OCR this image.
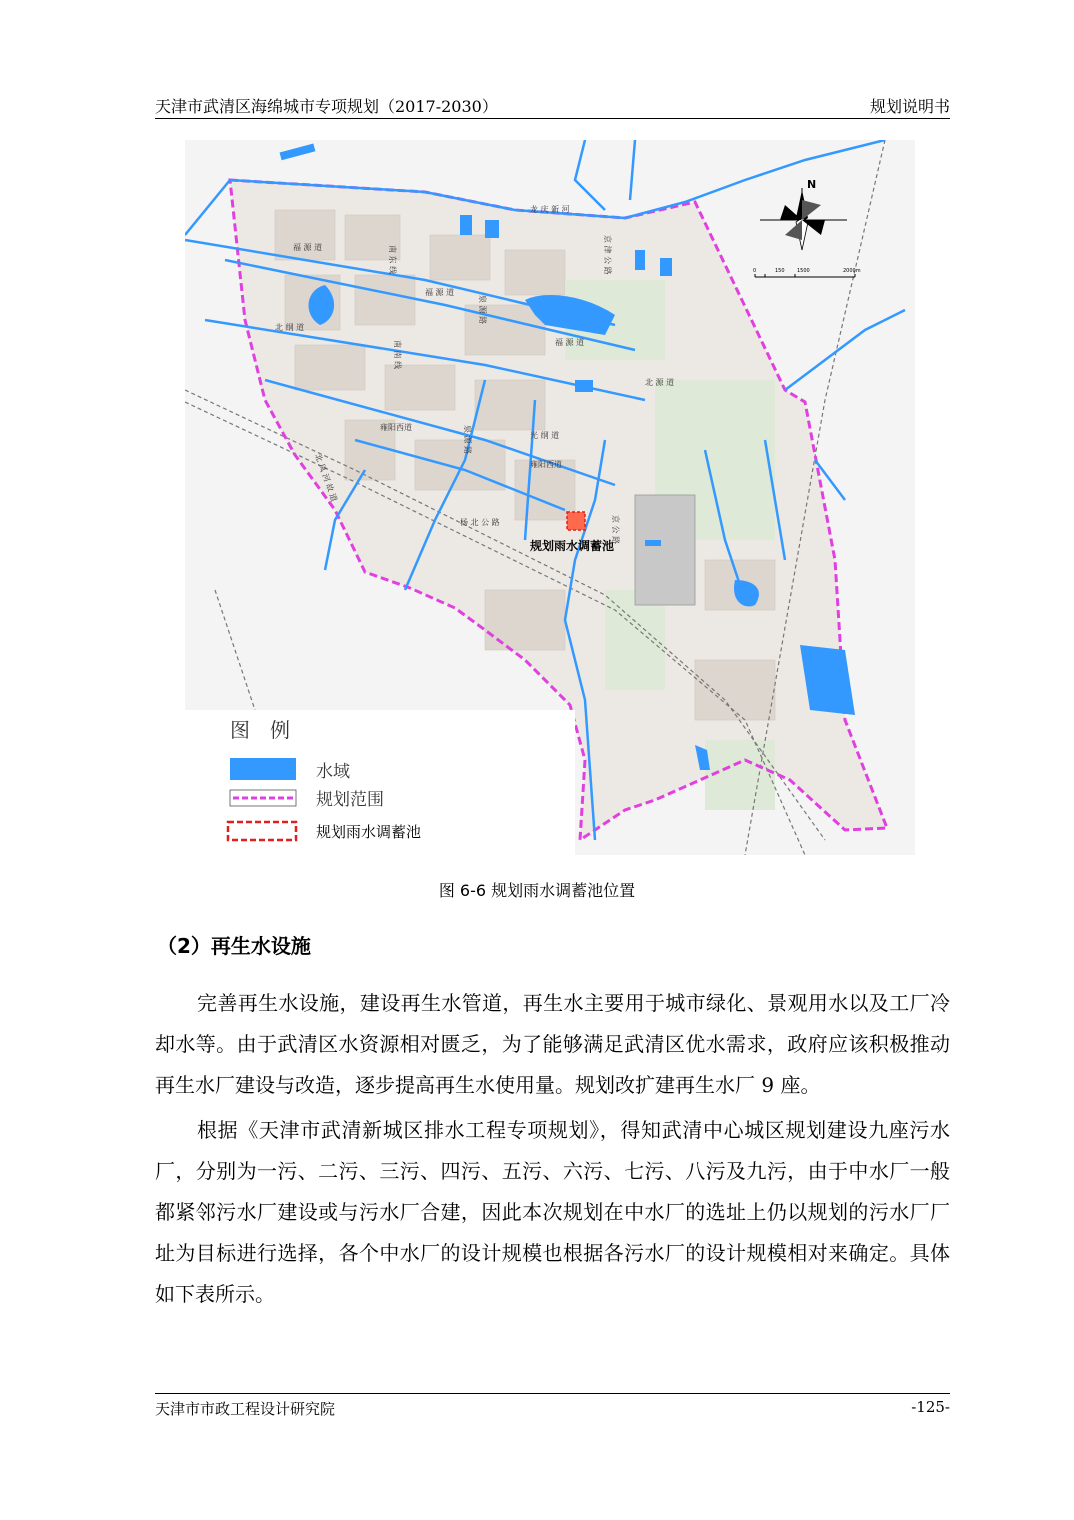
天津市武清区海绵城市专项规划（2017-2030）	规划说明书
规划雨水调蓄池
龙 庆 新 河
南 东 线
福 源 道
福 源 道
泉 源 路
福 源 道
京 津 公 路
北 纲 道
南 南 线
北 源 道
雍阳西道	泉 源 路	光 纲 道
雍阳西道
京 公 路
北 凤 河 故 道
杨 北 公 路
N
0	150 1500	2000m
图　例
水域
规划范围
规划雨水调蓄池
图 6-6 规划雨水调蓄池位置
（2）再生水设施

完善再生水设施，建设再生水管道，再生水主要用于城市绿化、景观用水以及工厂冷却水等。由于武清区水资源相对匮乏，为了能够满足武清区优水需求，政府应该积极推动再生水厂建设与改造，逐步提高再生水使用量。规划改扩建再生水厂 9 座。

根据《天津市武清新城区排水工程专项规划》，得知武清中心城区规划建设九座污水厂，分别为一污、二污、三污、四污、五污、六污、七污、八污及九污，由于中水厂一般都紧邻污水厂建设或与污水厂合建，因此本次规划在中水厂的选址上仍以规划的污水厂厂址为目标进行选择，各个中水厂的设计规模也根据各污水厂的设计规模相对来确定。具体如下表所示。

天津市市政工程设计研究院	-125-
